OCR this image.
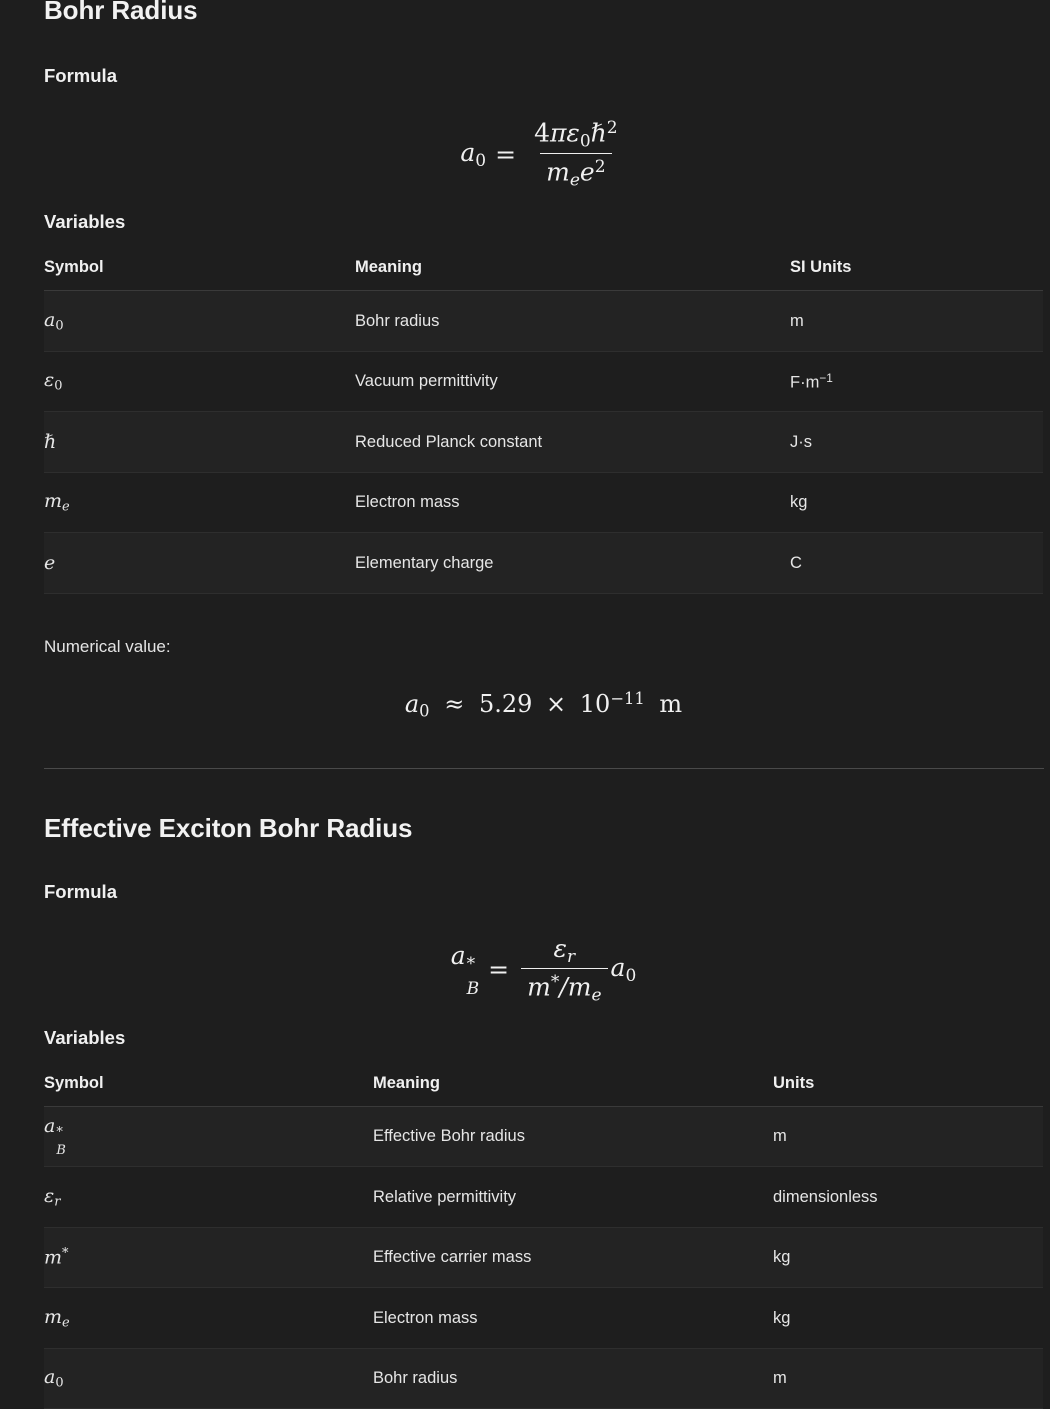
Bohr Radius
Formula
$a_0 = \frac{4\pi\varepsilon_0\hbar^2}{m_ee^2}$
Variables
Symbol	Meaning	SI Units
$a_0$	Bohr radius	m
$\varepsilon_0$	Vacuum permittivity	$F\cdot m^{-1}$
ℏ	Reduced Planck constant	J·s
$m_e$	Electron mass	kg
e	Elementary charge	C

Numerical value:

$a_0 \approx 5.29 \times 10^{-11}$ m
Effective Exciton Bohr Radius
Formula
a *
B
= $\frac{\varepsilon_r}{m^*/m_e} a_0$
Variables
Symbol	Meaning	Units
a *
B	Effective Bohr radius	m
$\varepsilon_r$	Relative permittivity	dimensionless
m*	Effective carrier mass	kg
$m_e$	Electron mass	kg
$a_0$	Bohr radius	m
